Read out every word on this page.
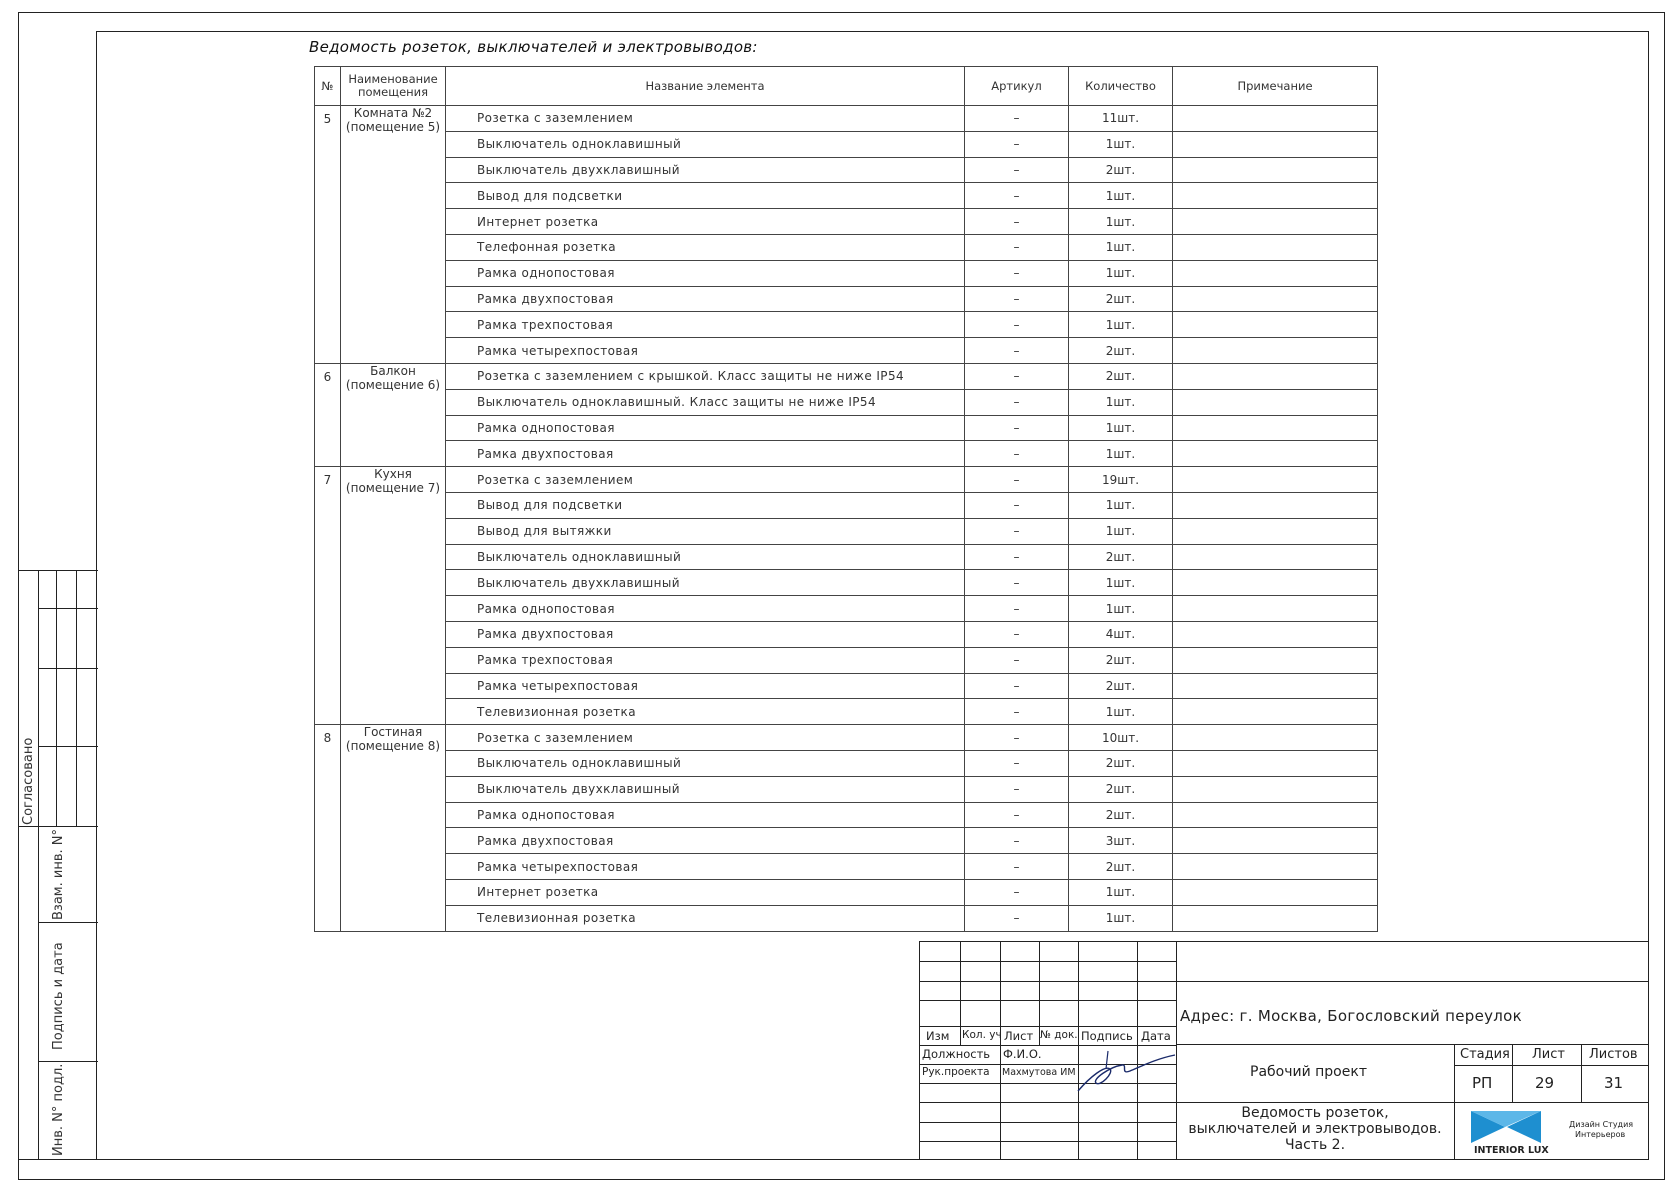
Ведомость розеток, выключателей и электровыводов:
№	Наименование помещения	Название элемента	Артикул	Количество	Примечание
5	Комната №2 (помещение 5)	Розетка с заземлением	–	11шт.	
		Выключатель одноклавишный	–	1шт.	
		Выключатель двухклавишный	–	2шт.	
		Вывод для подсветки	–	1шт.	
		Интернет розетка	–	1шт.	
		Телефонная розетка	–	1шт.	
		Рамка однопостовая	–	1шт.	
		Рамка двухпостовая	–	2шт.	
		Рамка трехпостовая	–	1шт.	
		Рамка четырехпостовая	–	2шт.	
6	Балкон (помещение 6)	Розетка с заземлением с крышкой. Класс защиты не ниже IP54	–	2шт.	
		Выключатель одноклавишный. Класс защиты не ниже IP54	–	1шт.	
		Рамка однопостовая	–	1шт.	
		Рамка двухпостовая	–	1шт.	
7	Кухня (помещение 7)	Розетка с заземлением	–	19шт.	
		Вывод для подсветки	–	1шт.	
		Вывод для вытяжки	–	1шт.	
		Выключатель одноклавишный	–	2шт.	
		Выключатель двухклавишный	–	1шт.	
		Рамка однопостовая	–	1шт.	
		Рамка двухпостовая	–	4шт.	
		Рамка трехпостовая	–	2шт.	
		Рамка четырехпостовая	–	2шт.	
		Телевизионная розетка	–	1шт.	
8	Гостиная (помещение 8)	Розетка с заземлением	–	10шт.	
		Выключатель одноклавишный	–	2шт.	
		Выключатель двухклавишный	–	2шт.	
		Рамка однопостовая	–	2шт.	
		Рамка двухпостовая	–	3шт.	
		Рамка четырехпостовая	–	2шт.	
		Интернет розетка	–	1шт.	
		Телевизионная розетка	–	1шт.	
Согласовано
Взам. инв. N°
Подпись и дата
Инв. N° подл.
Изм Кол. уч Лист № док. Подпись Дата
Должность Ф.И.О.
Рук.проекта Махмутова ИМ
Адрес: г. Москва, Богословский переулок
Рабочий проект
Стадия Лист Листов
РП	29	31
Ведомость розеток,
выключателей и электровыводов.
Часть 2.	INTERIOR LUX
Дизайн Студия
Интерьеров
